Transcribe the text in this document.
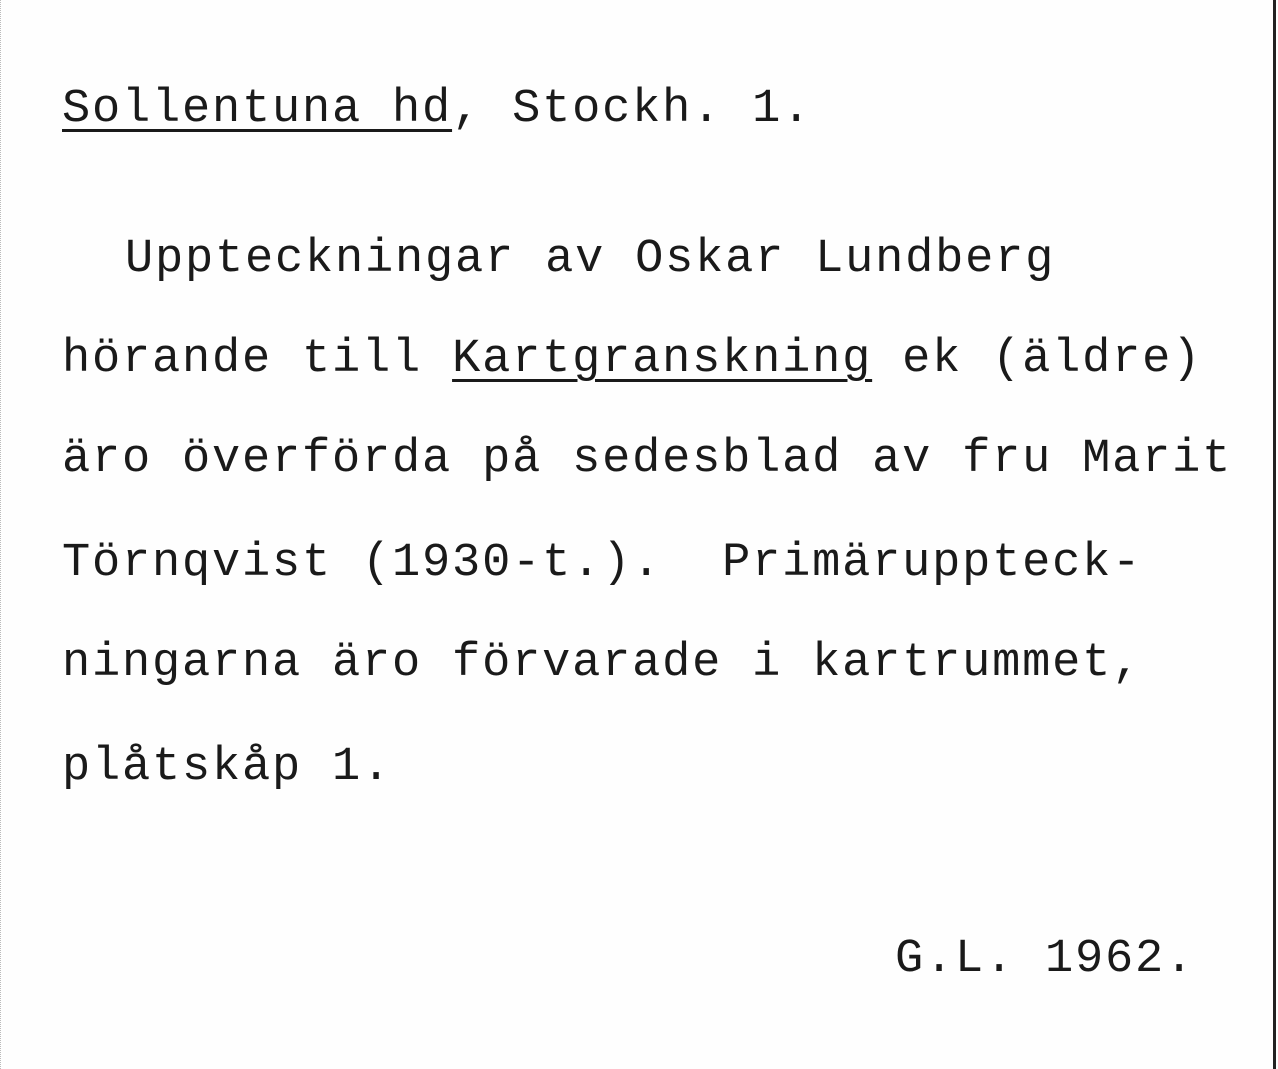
Sollentuna hd, Stockh. 1.
Uppteckningar av Oskar Lundberg
hörande till Kartgranskning ek (äldre)
äro överförda på sedesblad av fru Marit
Törnqvist (1930-t.).  Primäruppteck-
ningarna äro förvarade i kartrummet,
plåtskåp 1.
G.L. 1962.
